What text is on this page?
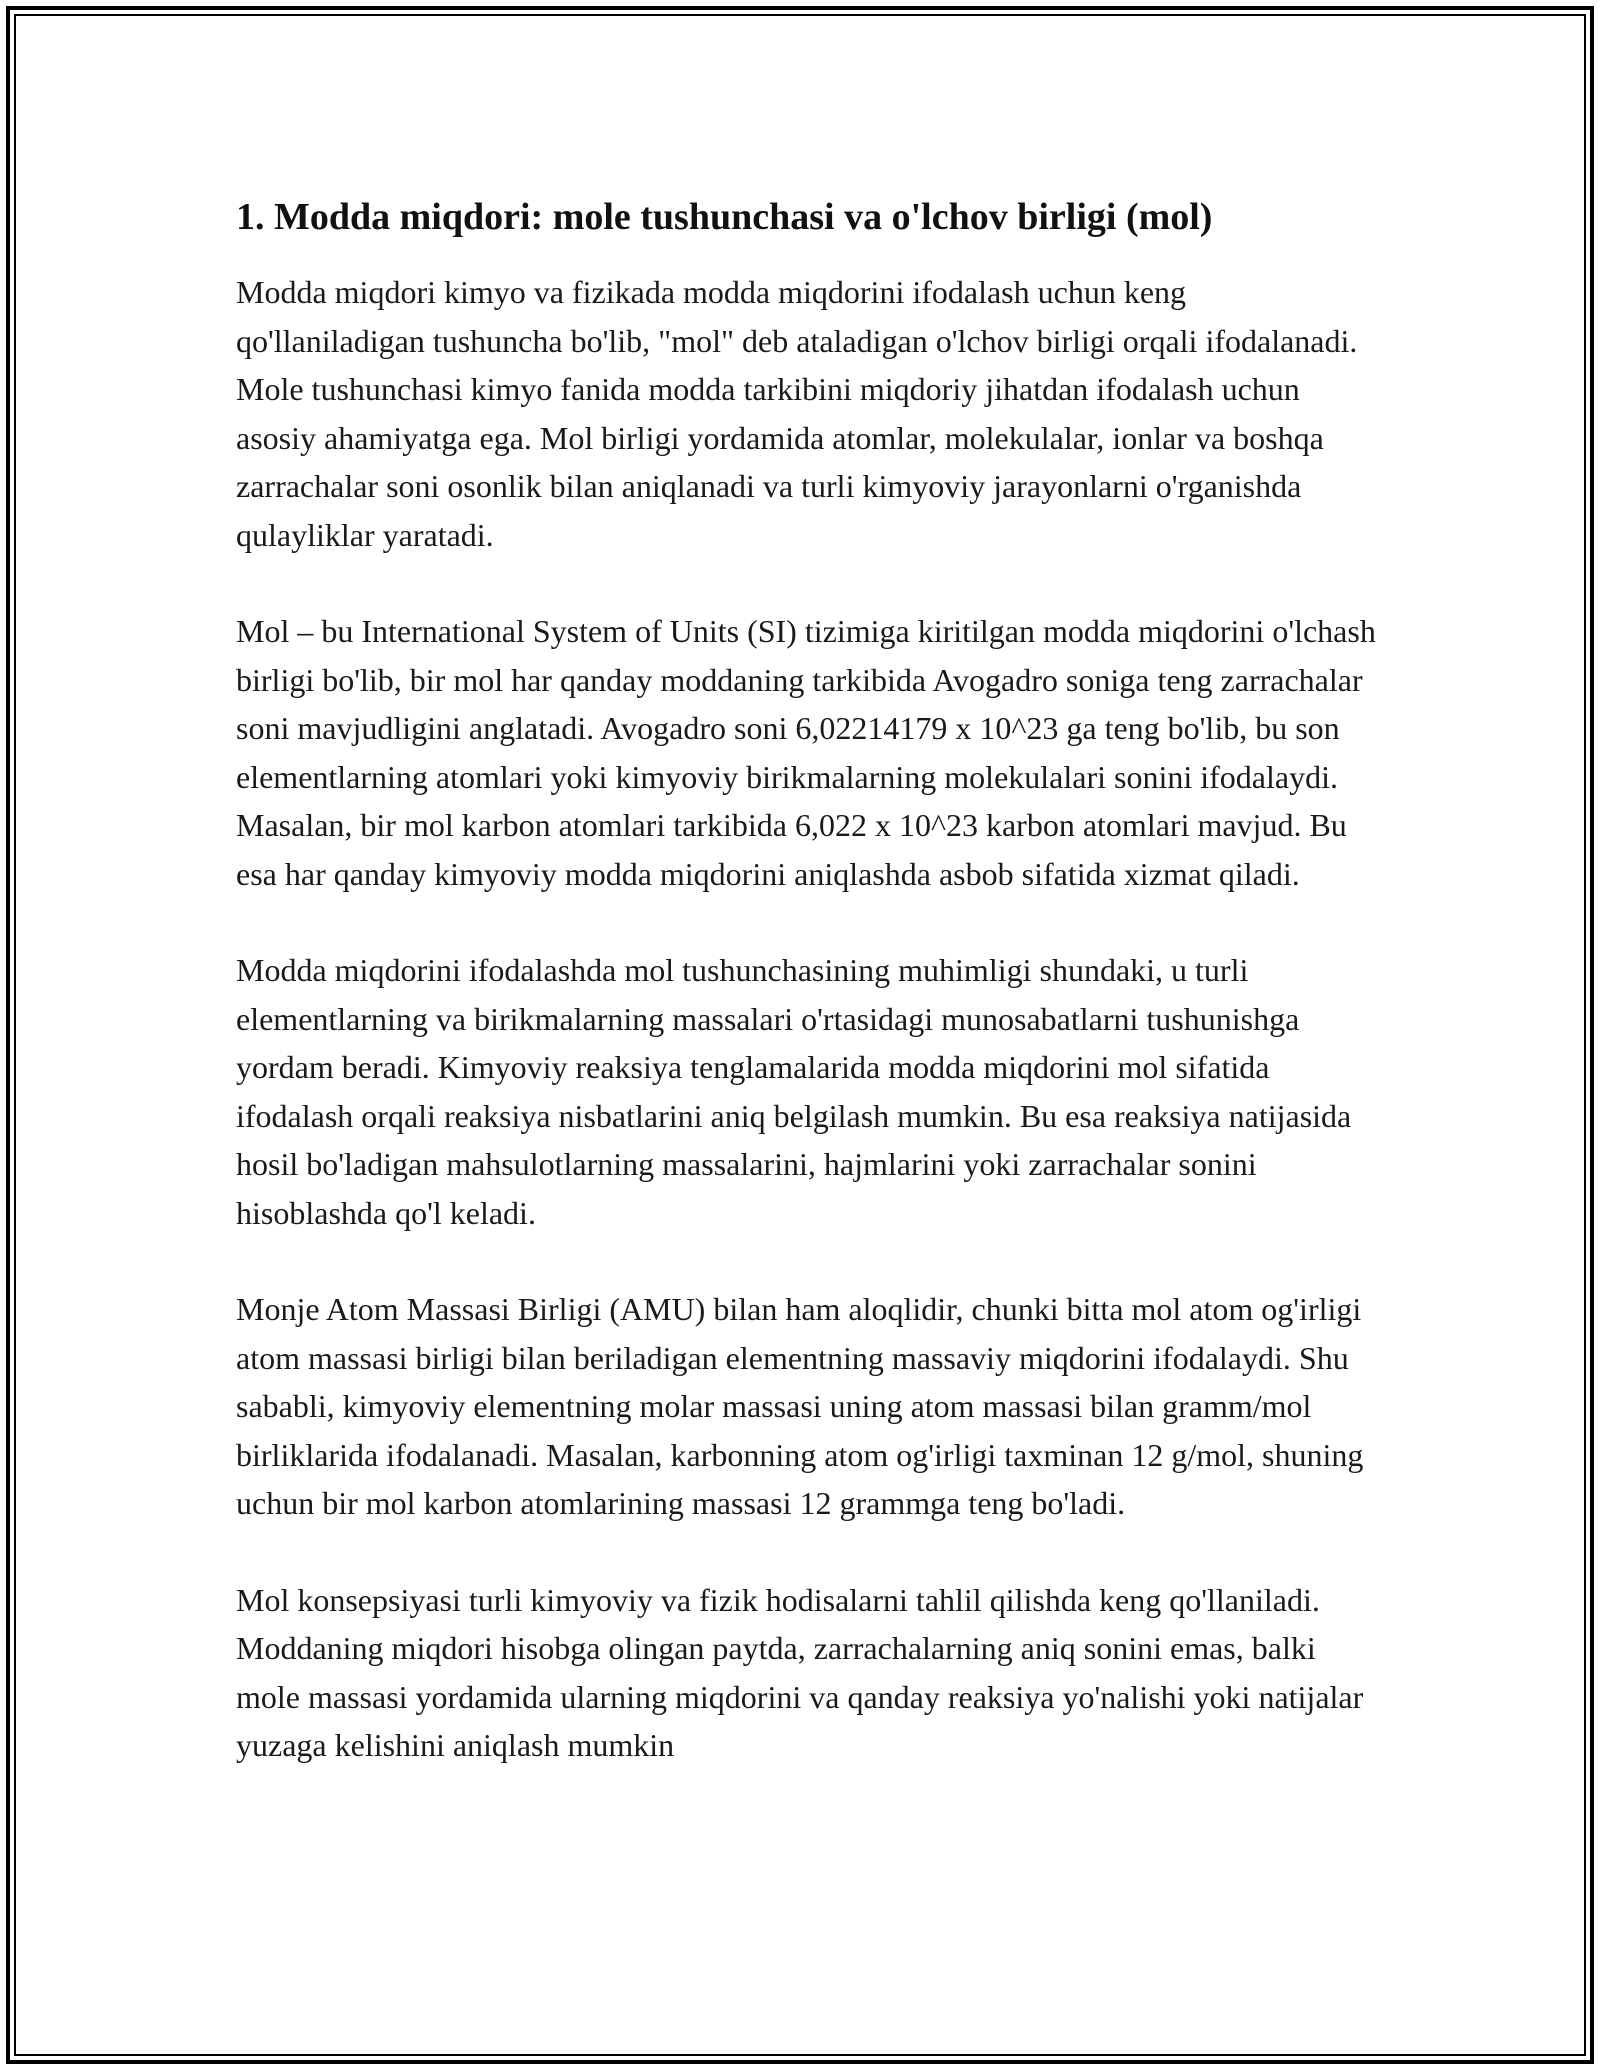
1. Modda miqdori: mole tushunchasi va o'lchov birligi (mol)

Modda miqdori kimyo va fizikada modda miqdorini ifodalash uchun keng qo'llaniladigan tushuncha bo'lib, "mol" deb ataladigan o'lchov birligi orqali ifodalanadi. Mole tushunchasi kimyo fanida modda tarkibini miqdoriy jihatdan ifodalash uchun asosiy ahamiyatga ega. Mol birligi yordamida atomlar, molekulalar, ionlar va boshqa zarrachalar soni osonlik bilan aniqlanadi va turli kimyoviy jarayonlarni o'rganishda qulayliklar yaratadi.

Mol – bu International System of Units (SI) tizimiga kiritilgan modda miqdorini o'lchash birligi bo'lib, bir mol har qanday moddaning tarkibida Avogadro soniga teng zarrachalar soni mavjudligini anglatadi. Avogadro soni 6,02214179 x 10^23 ga teng bo'lib, bu son elementlarning atomlari yoki kimyoviy birikmalarning molekulalari sonini ifodalaydi. Masalan, bir mol karbon atomlari tarkibida 6,022 x 10^23 karbon atomlari mavjud. Bu esa har qanday kimyoviy modda miqdorini aniqlashda asbob sifatida xizmat qiladi.

Modda miqdorini ifodalashda mol tushunchasining muhimligi shundaki, u turli elementlarning va birikmalarning massalari o'rtasidagi munosabatlarni tushunishga yordam beradi. Kimyoviy reaksiya tenglamalarida modda miqdorini mol sifatida ifodalash orqali reaksiya nisbatlarini aniq belgilash mumkin. Bu esa reaksiya natijasida hosil bo'ladigan mahsulotlarning massalarini, hajmlarini yoki zarrachalar sonini hisoblashda qo'l keladi.

Monje Atom Massasi Birligi (AMU) bilan ham aloqlidir, chunki bitta mol atom og'irligi atom massasi birligi bilan beriladigan elementning massaviy miqdorini ifodalaydi. Shu sababli, kimyoviy elementning molar massasi uning atom massasi bilan gramm/mol birliklarida ifodalanadi. Masalan, karbonning atom og'irligi taxminan 12 g/mol, shuning uchun bir mol karbon atomlarining massasi 12 grammga teng bo'ladi.

Mol konsepsiyasi turli kimyoviy va fizik hodisalarni tahlil qilishda keng qo'llaniladi. Moddaning miqdori hisobga olingan paytda, zarrachalarning aniq sonini emas, balki mole massasi yordamida ularning miqdorini va qanday reaksiya yo'nalishi yoki natijalar yuzaga kelishini aniqlash mumkin
